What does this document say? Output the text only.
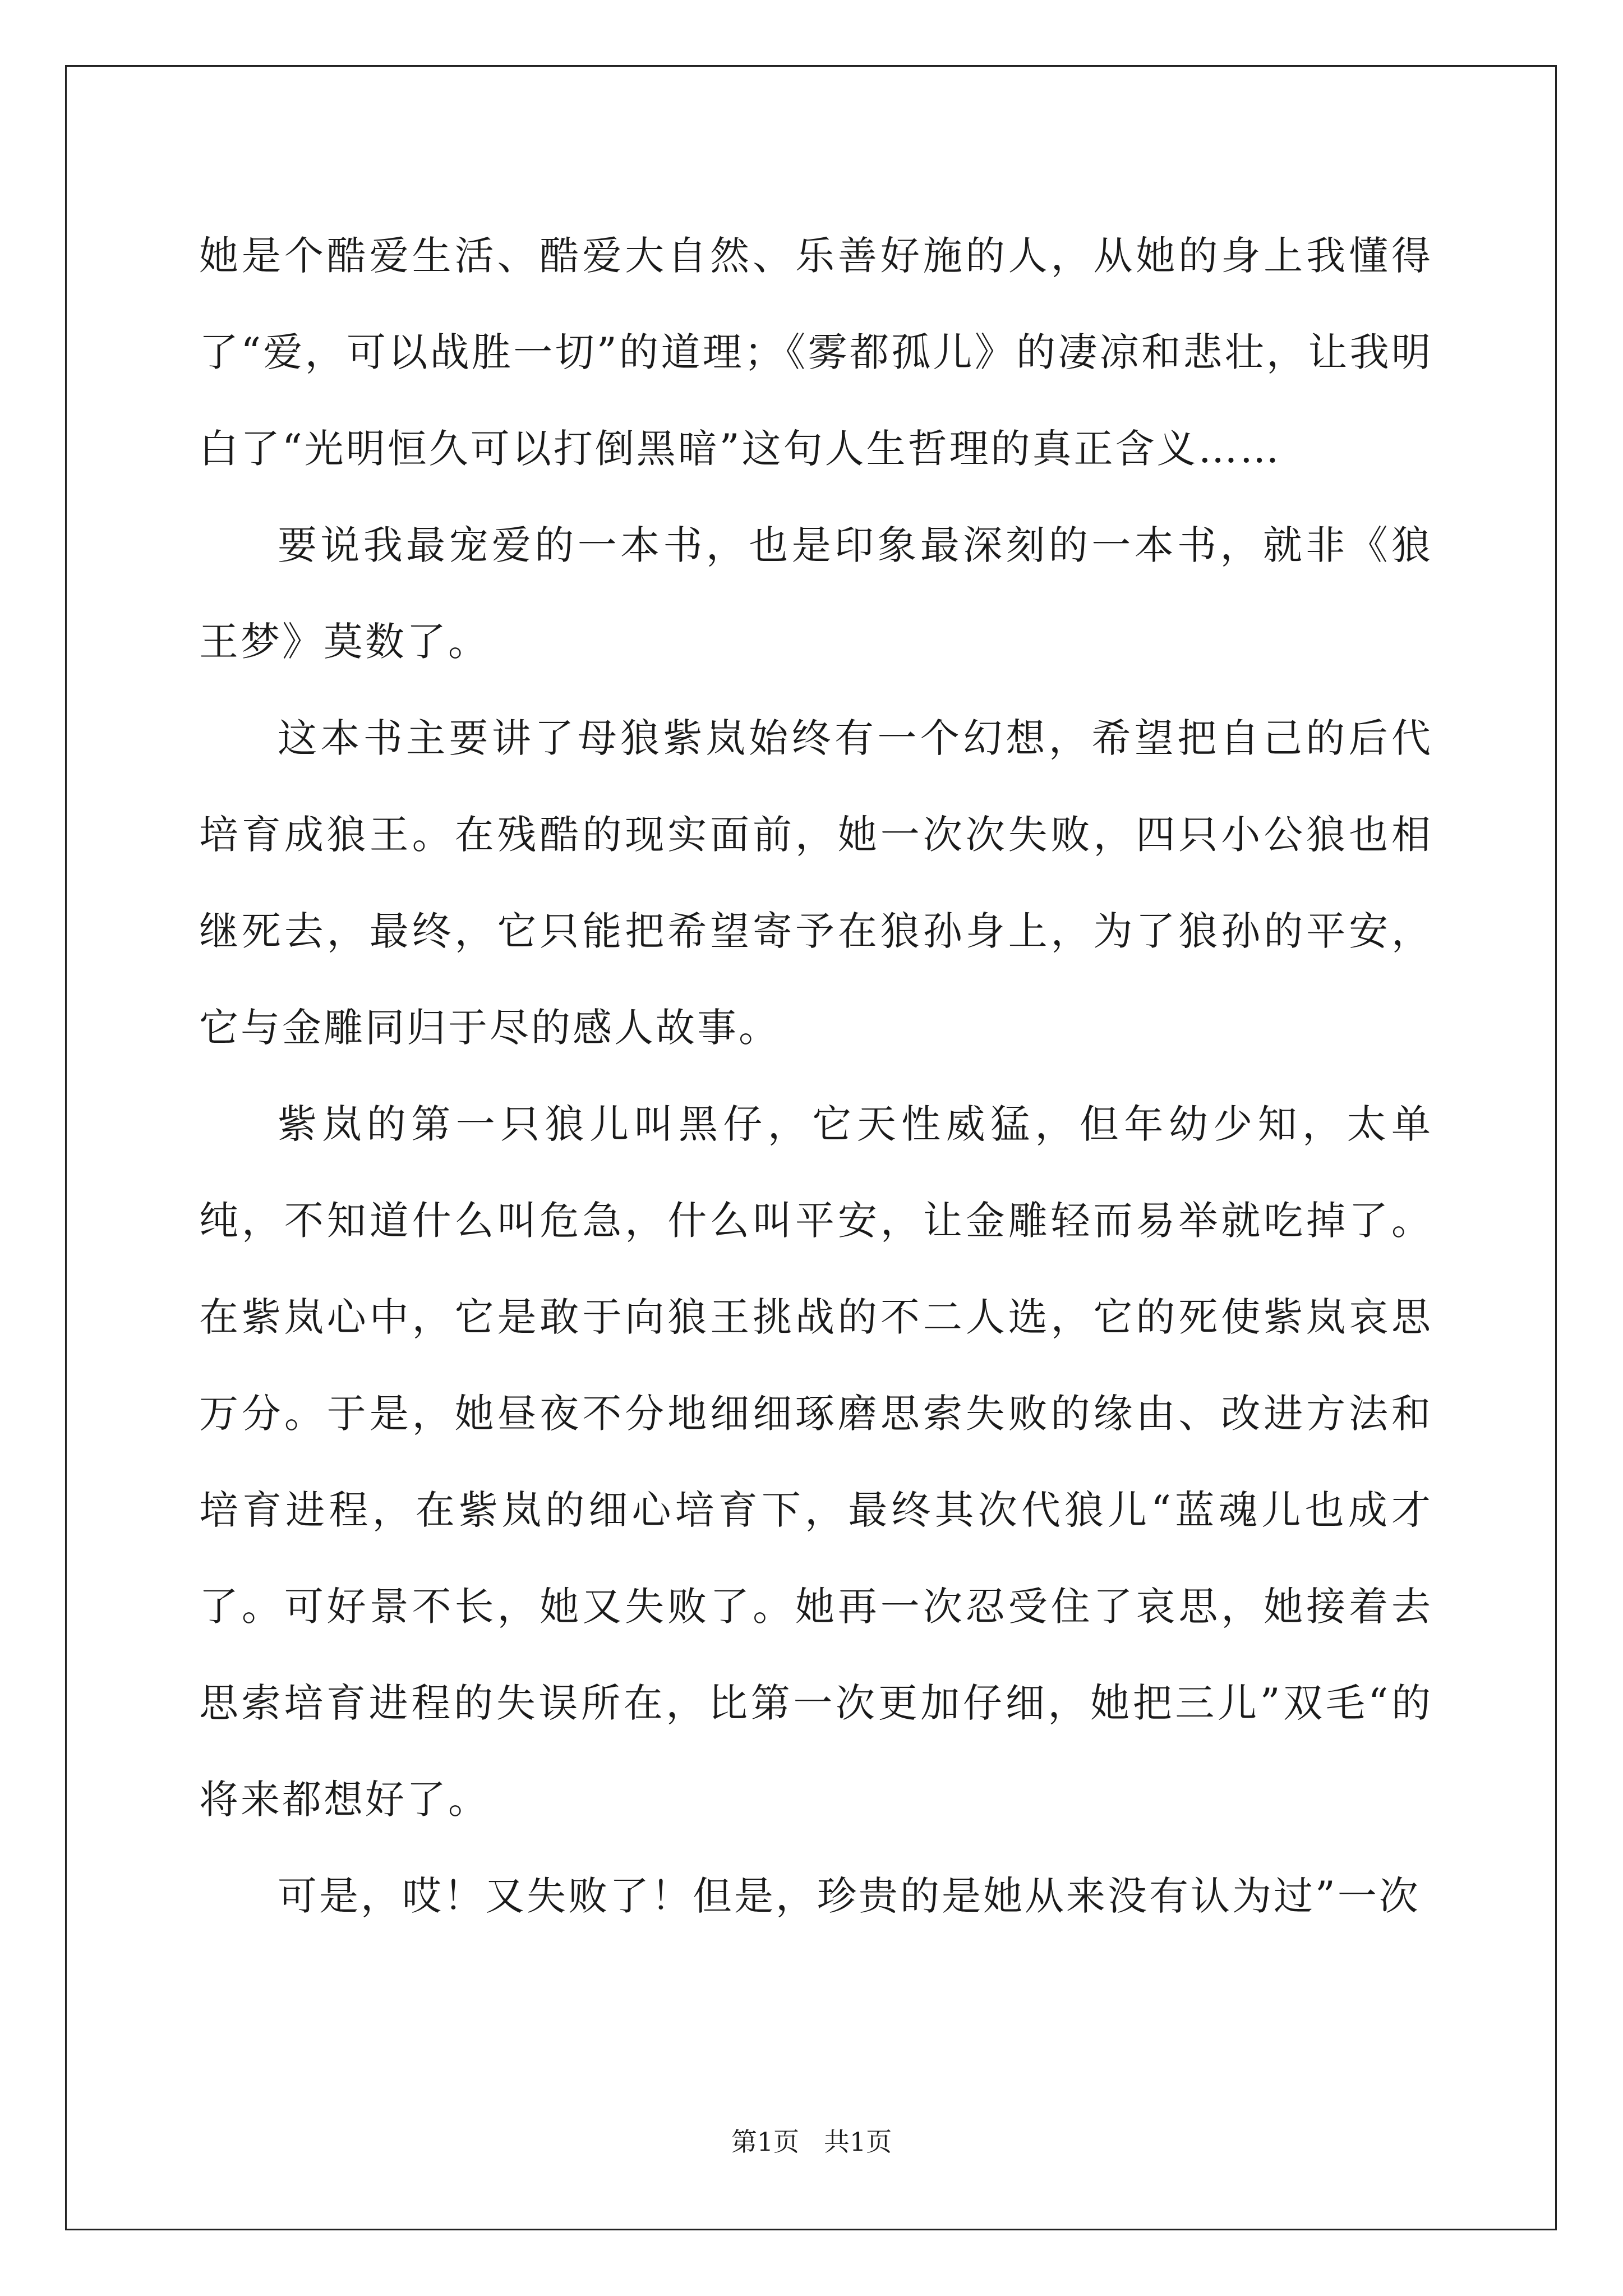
她是个酷爱生活、酷爱大自然、乐善好施的人，从她的身上我懂得了“爱，可以战胜一切”的道理；《雾都孤儿》的凄凉和悲壮，让我明白了“光明恒久可以打倒黑暗”这句人生哲理的真正含义……

要说我最宠爱的一本书，也是印象最深刻的一本书，就非《狼王梦》莫数了。

这本书主要讲了母狼紫岚始终有一个幻想，希望把自己的后代培育成狼王。在残酷的现实面前，她一次次失败，四只小公狼也相继死去，最终，它只能把希望寄予在狼孙身上，为了狼孙的平安，它与金雕同归于尽的感人故事。

紫岚的第一只狼儿叫黑仔，它天性威猛，但年幼少知，太单纯，不知道什么叫危急，什么叫平安，让金雕轻而易举就吃掉了。在紫岚心中，它是敢于向狼王挑战的不二人选，它的死使紫岚哀思万分。于是，她昼夜不分地细细琢磨思索失败的缘由、改进方法和培育进程，在紫岚的细心培育下，最终其次代狼儿“蓝魂儿也成才了。可好景不长，她又失败了。她再一次忍受住了哀思，她接着去思索培育进程的失误所在，比第一次更加仔细，她把三儿”双毛“的将来都想好了。

可是，哎！又失败了！但是，珍贵的是她从来没有认为过”一次

第1页 共1页
